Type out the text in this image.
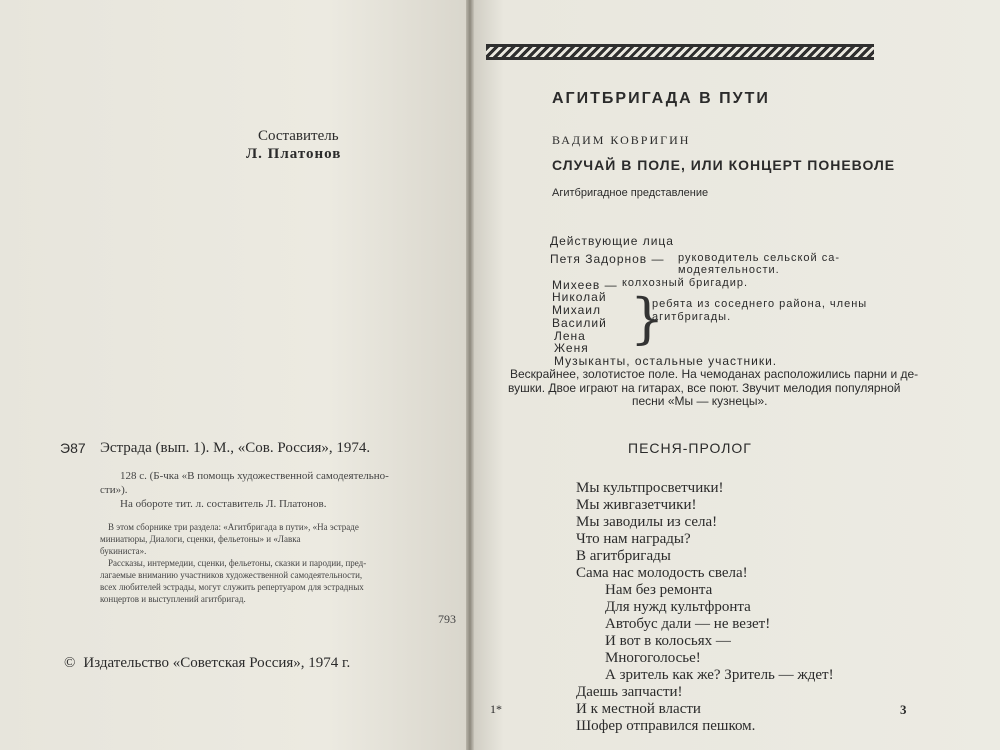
Составитель
Л. Платонов
Э87 Эстрада (вып. 1). М., «Сов. Россия», 1974.
128 с. (Б-чка «В помощь художественной самодеятельно-
сти»).
На обороте тит. л. составитель Л. Платонов.
В этом сборнике три раздела: «Агитбригада в пути», «На эстраде
миниатюры, Диалоги, сценки, фельетоны» и «Лавка
букиниста».
Рассказы, интермедии, сценки, фельетоны, сказки и пародии, пред-
лагаемые вниманию участников художественной самодеятельности,
всех любителей эстрады, могут служить репертуаром для эстрадных
концертов и выступлений агитбригад.
793
© Издательство «Советская Россия», 1974 г.
АГИТБРИГАДА В ПУТИ
ВАДИМ КОВРИГИН
СЛУЧАЙ В ПОЛЕ, ИЛИ КОНЦЕРТ ПОНЕВОЛЕ
Агитбригадное представление
Действующие лица
Петя Задорнов — руководитель сельской са-
модеятельности.
Михеев — колхозный бригадир.
Николай
Михаил
Василий
Лена
Женя }
ребята из соседнего района, члены
агитбригады.
Музыканты, остальные участники.
Вескрайнее, золотистое поле. На чемоданах расположились парни и де-
вушки. Двое играют на гитарах, все поют. Звучит мелодия популярной
песни «Мы — кузнецы».
ПЕСНЯ-ПРОЛОГ
Мы культпросветчики!
Мы живгазетчики!
Мы заводилы из села!
Что нам награды?
В агитбригады
Сама нас молодость свела!
Нам без ремонта
Для нужд культфронта
Автобус дали — не везет!
И вот в колосьях —
Многоголосье!
А зритель как же? Зритель — ждет!
Даешь запчасти!
И к местной власти
Шофер отправился пешком.
1*	3
